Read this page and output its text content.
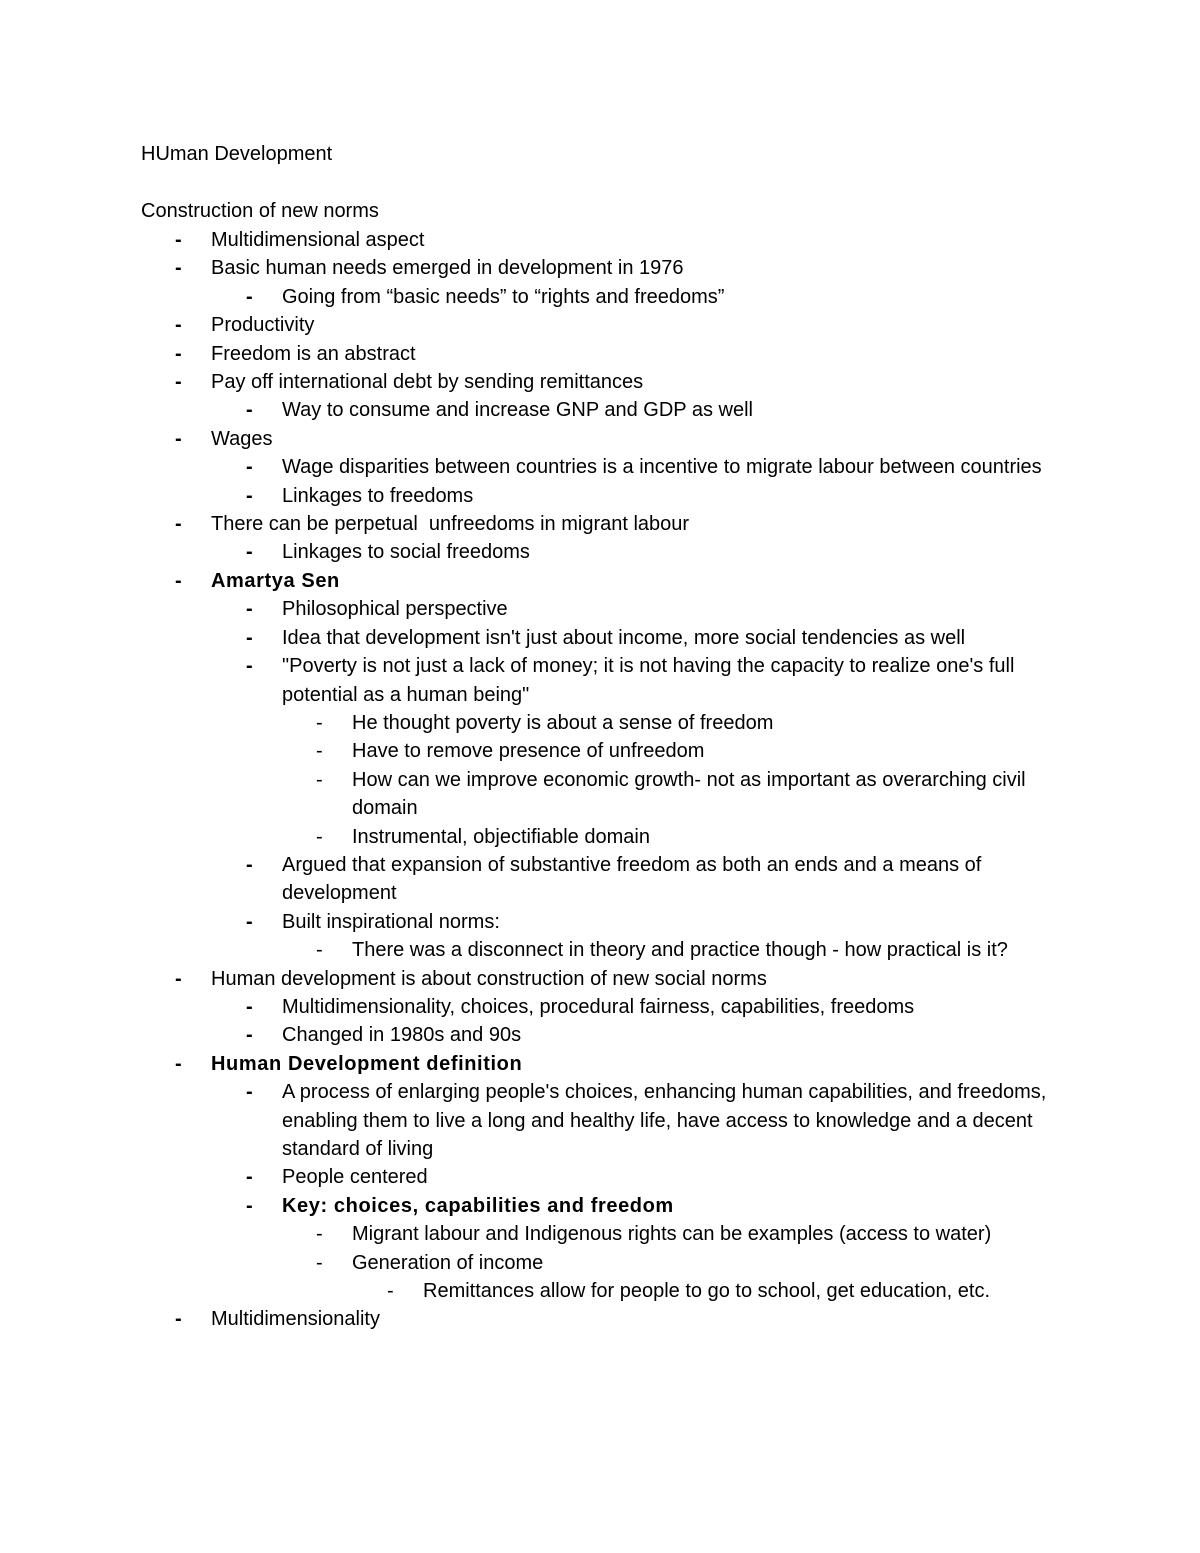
HUman Development
Construction of new norms
- Multidimensional aspect
- Basic human needs emerged in development in 1976
- Going from “basic needs” to “rights and freedoms”
- Productivity
- Freedom is an abstract
- Pay off international debt by sending remittances
- Way to consume and increase GNP and GDP as well
- Wages
- Wage disparities between countries is a incentive to migrate labour between countries
- Linkages to freedoms
- There can be perpetual  unfreedoms in migrant labour
- Linkages to social freedoms
- Amartya Sen
- Philosophical perspective
- Idea that development isn't just about income, more social tendencies as well
- "Poverty is not just a lack of money; it is not having the capacity to realize one's full potential as a human being"
- He thought poverty is about a sense of freedom
- Have to remove presence of unfreedom
- How can we improve economic growth- not as important as overarching civil domain
- Instrumental, objectifiable domain
- Argued that expansion of substantive freedom as both an ends and a means of development
- Built inspirational norms:
- There was a disconnect in theory and practice though - how practical is it?
- Human development is about construction of new social norms
- Multidimensionality, choices, procedural fairness, capabilities, freedoms
- Changed in 1980s and 90s
- Human Development definition
- A process of enlarging people's choices, enhancing human capabilities, and freedoms, enabling them to live a long and healthy life, have access to knowledge and a decent standard of living
- People centered
- Key: choices, capabilities and freedom
- Migrant labour and Indigenous rights can be examples (access to water)
- Generation of income
- Remittances allow for people to go to school, get education, etc.
- Multidimensionality
